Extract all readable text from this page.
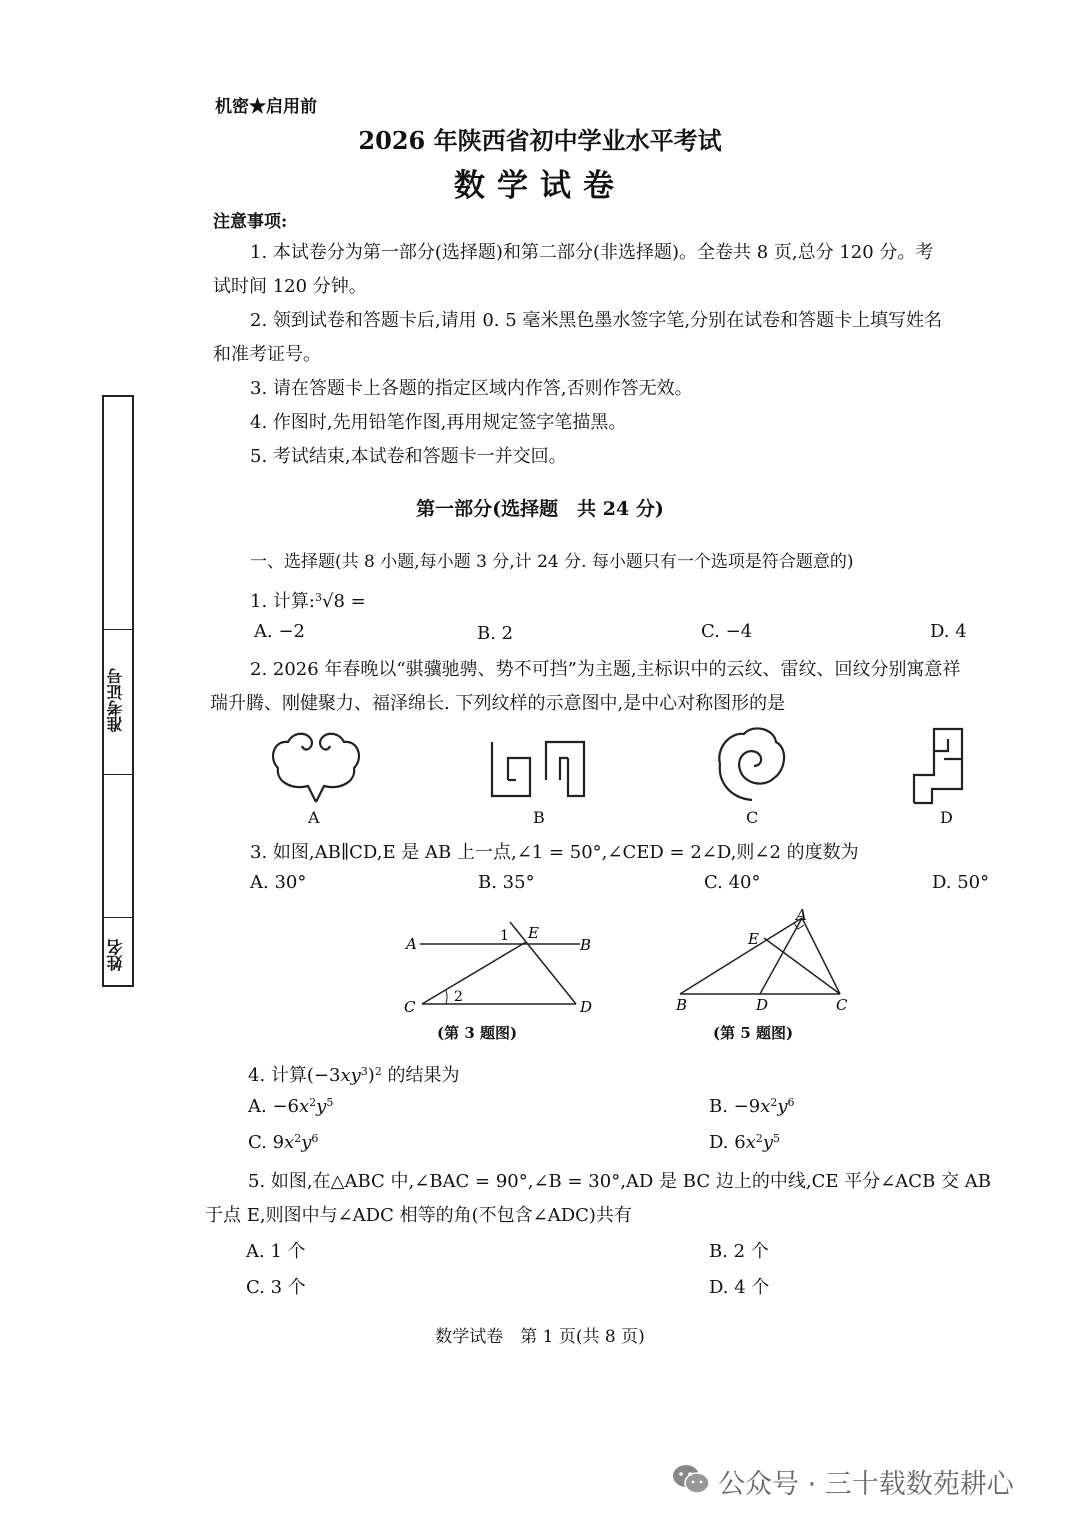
机密★启用前
2026 年陕西省初中学业水平考试
数学试卷
注意事项:
1. 本试卷分为第一部分(选择题)和第二部分(非选择题)。全卷共 8 页,总分 120 分。考
试时间 120 分钟。
2. 领到试卷和答题卡后,请用 0. 5 毫米黑色墨水签字笔,分别在试卷和答题卡上填写姓名
和准考证号。
3. 请在答题卡上各题的指定区域内作答,否则作答无效。
4. 作图时,先用铅笔作图,再用规定签字笔描黑。
5. 考试结束,本试卷和答题卡一并交回。
准考证号
姓名
第一部分(选择题　共 24 分)
一、选择题(共 8 小题,每小题 3 分,计 24 分. 每小题只有一个选项是符合题意的)
1. 计算:$^3$√8 =
A. −2	B. 2	C. −4	D. 4
2. 2026 年春晚以“骐骥驰骋、势不可挡”为主题,主标识中的云纹、雷纹、回纹分别寓意祥
瑞升腾、刚健聚力、福泽绵长. 下列纹样的示意图中,是中心对称图形的是
A	B	C	D
3. 如图,AB∥CD,E 是 AB 上一点,∠1 = 50°,∠CED = 2∠D,则∠2 的度数为
A. 30°	B. 35°	C. 40°	D. 50°
A	B
C	D
E
1
2
(第 3 题图)
A
B	C
D
E
(第 5 题图)
4. 计算$(-3xy^3)^2$ 的结果为
A. $-6x^2y^5$	B. $-9x^2y^6$
C. $9x^2y^6$	D. $6x^2y^5$
5. 如图,在△ABC 中,∠BAC = 90°,∠B = 30°,AD 是 BC 边上的中线,CE 平分∠ACB 交 AB
于点 E,则图中与∠ADC 相等的角(不包含∠ADC)共有
A. 1 个	B. 2 个
C. 3 个	D. 4 个
数学试卷　第 1 页(共 8 页)
公众号 · 三十载数苑耕心
